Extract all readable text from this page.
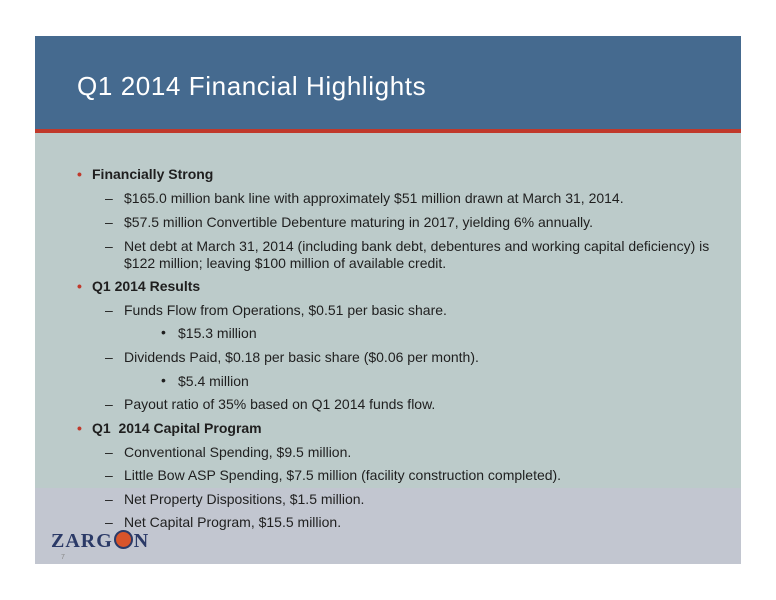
Q1 2014 Financial Highlights
• Financially Strong
– $165.0 million bank line with approximately $51 million drawn at March 31, 2014.
– $57.5 million Convertible Debenture maturing in 2017, yielding 6% annually.
– Net debt at March 31, 2014 (including bank debt, debentures and working capital deficiency) is $122 million; leaving $100 million of available credit.
• Q1 2014 Results
– Funds Flow from Operations, $0.51 per basic share.
• $15.3 million
– Dividends Paid, $0.18 per basic share ($0.06 per month).
• $5.4 million
– Payout ratio of 35% based on Q1 2014 funds flow.
• Q1  2014 Capital Program
– Conventional Spending, $9.5 million.
– Little Bow ASP Spending, $7.5 million (facility construction completed).
– Net Property Dispositions, $1.5 million.
– Net Capital Program, $15.5 million.
ZARG N
7
